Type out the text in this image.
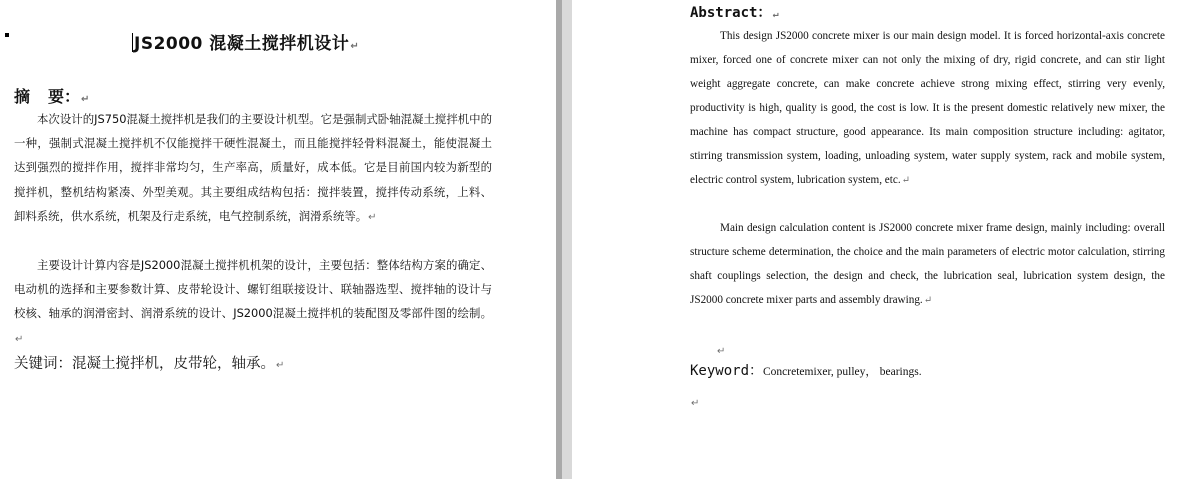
JS2000 混凝土搅拌机设计↵
摘 要：↵

本次设计的JS750混凝土搅拌机是我们的主要设计机型。它是强制式卧轴混凝土搅拌机中的一种，强制式混凝土搅拌机不仅能搅拌干硬性混凝土，而且能搅拌轻骨料混凝土，能使混凝土达到强烈的搅拌作用，搅拌非常均匀，生产率高，质量好，成本低。它是目前国内较为新型的搅拌机，整机结构紧凑、外型美观。其主要组成结构包括：搅拌装置，搅拌传动系统，上料、卸料系统，供水系统，机架及行走系统，电气控制系统，润滑系统等。↵

主要设计计算内容是JS2000混凝土搅拌机机架的设计，主要包括：整体结构方案的确定、电动机的选择和主要参数计算、皮带轮设计、螺钉组联接设计、联轴器选型、搅拌轴的设计与校核、轴承的润滑密封、润滑系统的设计、JS2000混凝土搅拌机的装配图及零部件图的绘制。↵

关键词：混凝土搅拌机，皮带轮，轴承。↵
Abstract：↵

This design JS2000 concrete mixer is our main design model. It is forced horizontal-axis concrete mixer, forced one of concrete mixer can not only the mixing of dry, rigid concrete, and can stir light weight aggregate concrete, can make concrete achieve strong mixing effect, stirring very evenly, productivity is high, quality is good, the cost is low. It is the present domestic relatively new mixer, the machine has compact structure, good appearance. Its main composition structure including: agitator, stirring transmission system, loading, unloading system, water supply system, rack and mobile system, electric control system, lubrication system, etc.↵

Main design calculation content is JS2000 concrete mixer frame design, mainly including: overall structure scheme determination, the choice and the main parameters of electric motor calculation, stirring shaft couplings selection, the design and check, the lubrication seal, lubrication system design, the JS2000 concrete mixer parts and assembly drawing.↵

↵
Keyword：Concretemixer, pulley， bearings.
↵
